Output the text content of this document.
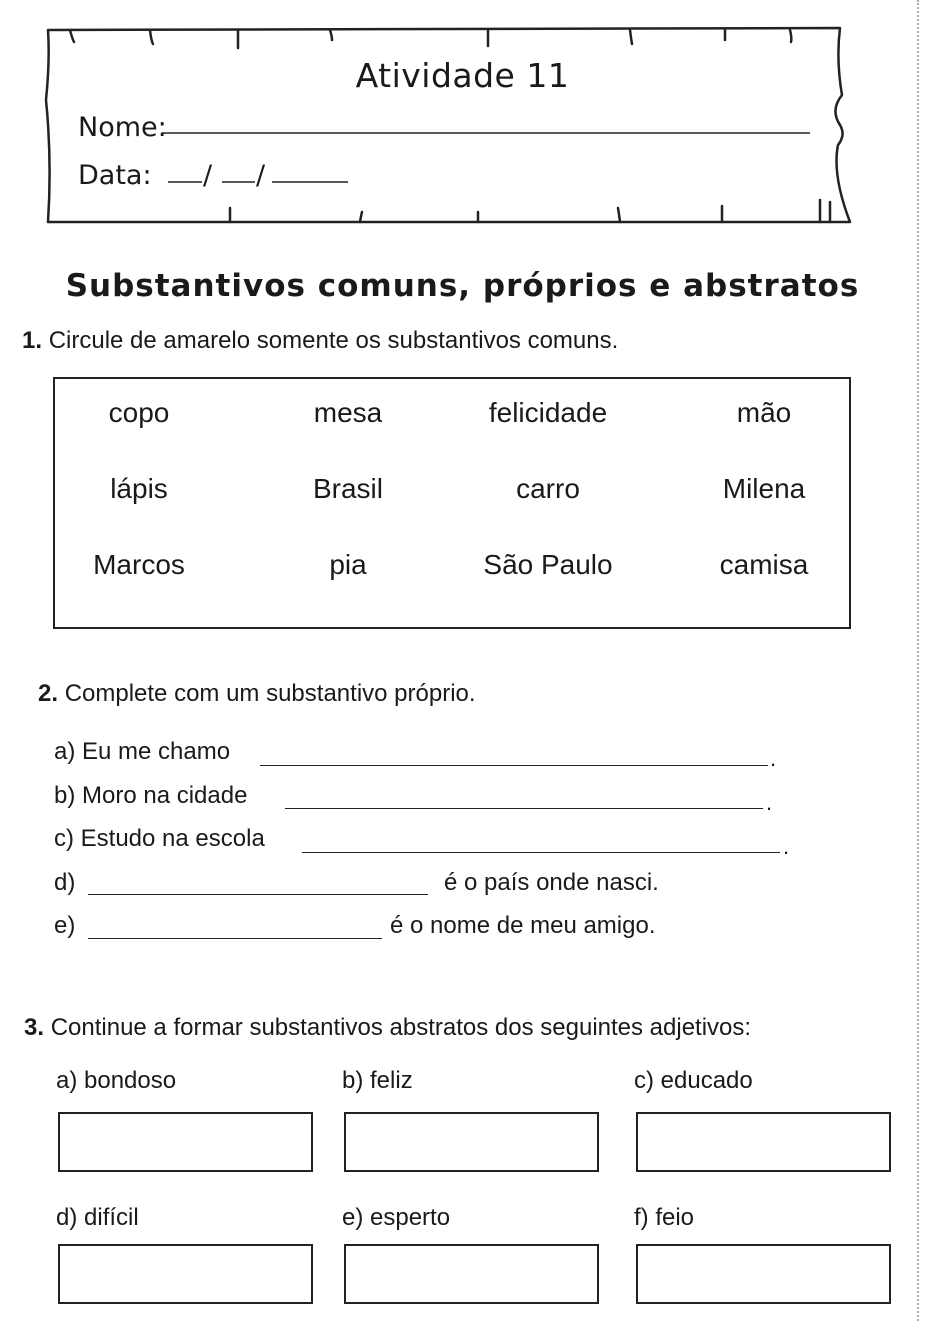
Atividade 11
Nome:
Data: / /
Substantivos comuns, próprios e abstratos
1. Circule de amarelo somente os substantivos comuns.
copo	mesa	felicidade	mão
lápis	Brasil	carro	Milena
Marcos	pia	São Paulo	camisa
2. Complete com um substantivo próprio.
a) Eu me chamo	.
b) Moro na cidade	.
c) Estudo na escola	.
d)	é o país onde nasci.
e)	é o nome de meu amigo.
3. Continue a formar substantivos abstratos dos seguintes adjetivos:
a) bondoso	b) feliz	c) educado
d) difícil	e) esperto	f) feio
